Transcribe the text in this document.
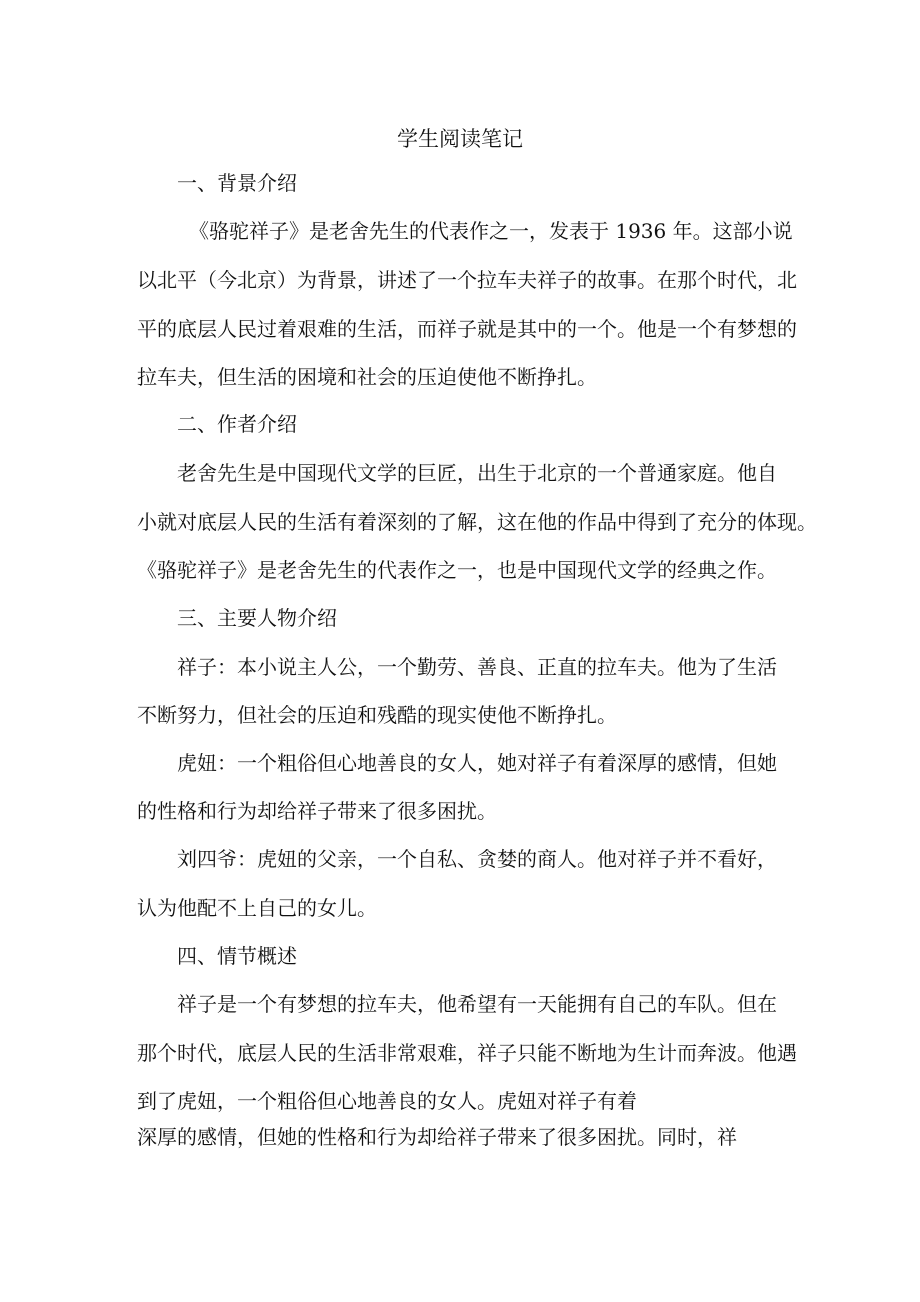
学生阅读笔记
一、背景介绍
《骆驼祥子》是老舍先生的代表作之一，发表于 1936 年。这部小说
以北平（今北京）为背景，讲述了一个拉车夫祥子的故事。在那个时代，北
平的底层人民过着艰难的生活，而祥子就是其中的一个。他是一个有梦想的
拉车夫，但生活的困境和社会的压迫使他不断挣扎。
二、作者介绍
老舍先生是中国现代文学的巨匠，出生于北京的一个普通家庭。他自
小就对底层人民的生活有着深刻的了解，这在他的作品中得到了充分的体现。
《骆驼祥子》是老舍先生的代表作之一，也是中国现代文学的经典之作。
三、主要人物介绍
祥子：本小说主人公，一个勤劳、善良、正直的拉车夫。他为了生活
不断努力，但社会的压迫和残酷的现实使他不断挣扎。
虎妞：一个粗俗但心地善良的女人，她对祥子有着深厚的感情，但她
的性格和行为却给祥子带来了很多困扰。
刘四爷：虎妞的父亲，一个自私、贪婪的商人。他对祥子并不看好，
认为他配不上自己的女儿。
四、情节概述
祥子是一个有梦想的拉车夫，他希望有一天能拥有自己的车队。但在
那个时代，底层人民的生活非常艰难，祥子只能不断地为生计而奔波。他遇
到了虎妞，一个粗俗但心地善良的女人。虎妞对祥子有着
深厚的感情，但她的性格和行为却给祥子带来了很多困扰。同时，祥
